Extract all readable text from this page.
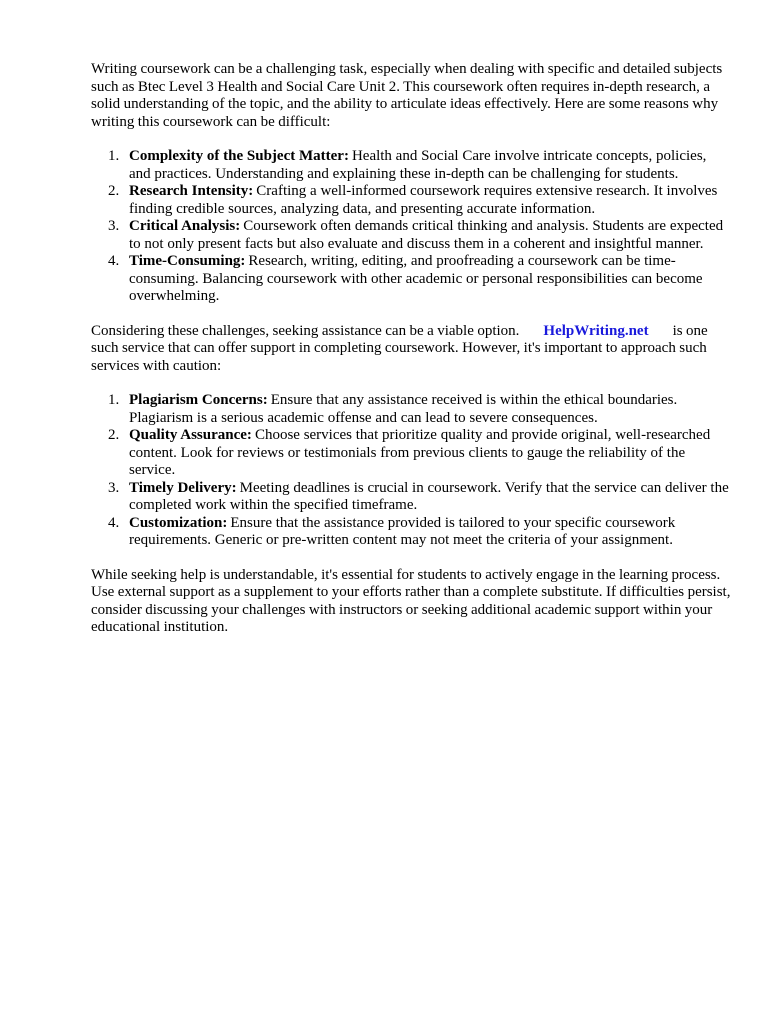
Writing coursework can be a challenging task, especially when dealing with specific and detailed subjects such as Btec Level 3 Health and Social Care Unit 2. This coursework often requires in-depth research, a solid understanding of the topic, and the ability to articulate ideas effectively. Here are some reasons why writing this coursework can be difficult:

1. Complexity of the Subject Matter: Health and Social Care involve intricate concepts, policies, and practices. Understanding and explaining these in-depth can be challenging for students.
2. Research Intensity: Crafting a well-informed coursework requires extensive research. It involves finding credible sources, analyzing data, and presenting accurate information.
3. Critical Analysis: Coursework often demands critical thinking and analysis. Students are expected to not only present facts but also evaluate and discuss them in a coherent and insightful manner.
4. Time-Consuming: Research, writing, editing, and proofreading a coursework can be time-consuming. Balancing coursework with other academic or personal responsibilities can become overwhelming.

Considering these challenges, seeking assistance can be a viable option. HelpWriting.net is one such service that can offer support in completing coursework. However, it's important to approach such services with caution:

1. Plagiarism Concerns: Ensure that any assistance received is within the ethical boundaries. Plagiarism is a serious academic offense and can lead to severe consequences.
2. Quality Assurance: Choose services that prioritize quality and provide original, well-researched content. Look for reviews or testimonials from previous clients to gauge the reliability of the service.
3. Timely Delivery: Meeting deadlines is crucial in coursework. Verify that the service can deliver the completed work within the specified timeframe.
4. Customization: Ensure that the assistance provided is tailored to your specific coursework requirements. Generic or pre-written content may not meet the criteria of your assignment.

While seeking help is understandable, it's essential for students to actively engage in the learning process. Use external support as a supplement to your efforts rather than a complete substitute. If difficulties persist, consider discussing your challenges with instructors or seeking additional academic support within your educational institution.
